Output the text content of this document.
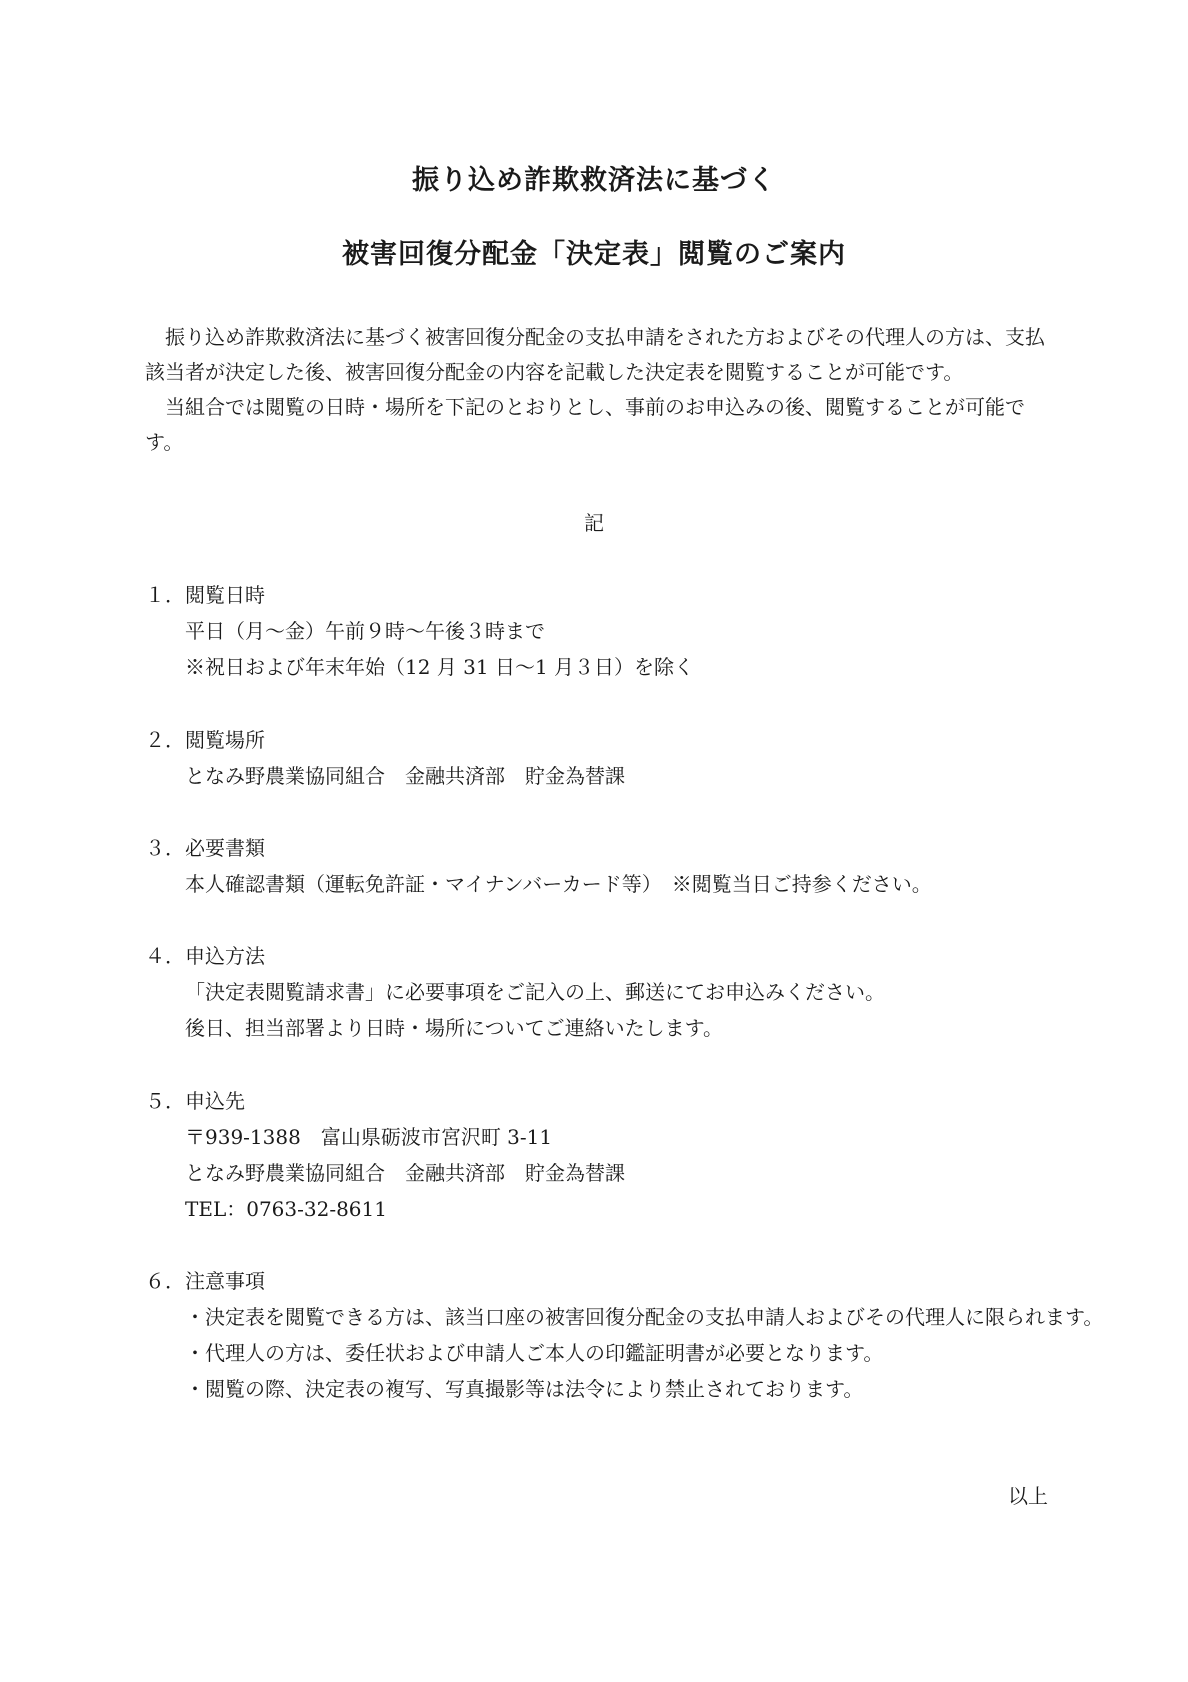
振り込め詐欺救済法に基づく
被害回復分配金「決定表」閲覧のご案内

振り込め詐欺救済法に基づく被害回復分配金の支払申請をされた方およびその代理人の方は、支払該当者が決定した後、被害回復分配金の内容を記載した決定表を閲覧することが可能です。

当組合では閲覧の日時・場所を下記のとおりとし、事前のお申込みの後、閲覧することが可能です。

記
１． 閲覧日時
平日（月～金）午前９時～午後３時まで
※祝日および年末年始（12 月 31 日～1 月３日）を除く
２． 閲覧場所
となみ野農業協同組合　金融共済部　貯金為替課
３． 必要書類
本人確認書類（運転免許証・マイナンバーカード等）　※閲覧当日ご持参ください。
４． 申込方法
「決定表閲覧請求書」に必要事項をご記入の上、郵送にてお申込みください。
後日、担当部署より日時・場所についてご連絡いたします。
５． 申込先
〒939-1388　富山県砺波市宮沢町 3-11
となみ野農業協同組合　金融共済部　貯金為替課
TEL：0763-32-8611
６． 注意事項
・ 決定表を閲覧できる方は、該当口座の被害回復分配金の支払申請人およびその代理人に限られます。
・ 代理人の方は、委任状および申請人ご本人の印鑑証明書が必要となります。
・ 閲覧の際、決定表の複写、写真撮影等は法令により禁止されております。
以上
